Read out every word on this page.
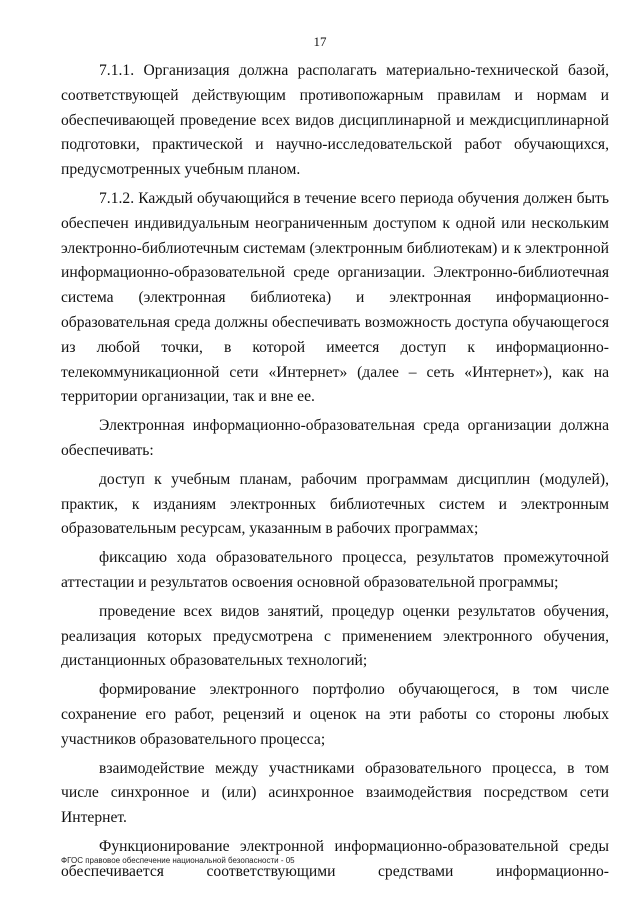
17

7.1.1. Организация должна располагать материально-технической базой, соответствующей действующим противопожарным правилам и нормам и обеспечивающей проведение всех видов дисциплинарной и междисциплинарной подготовки, практической и научно-исследовательской работ обучающихся, предусмотренных учебным планом.

7.1.2. Каждый обучающийся в течение всего периода обучения должен быть обеспечен индивидуальным неограниченным доступом к одной или нескольким электронно-библиотечным системам (электронным библиотекам) и к электронной информационно-образовательной среде организации. Электронно-библиотечная система (электронная библиотека) и электронная информационно-образовательная среда должны обеспечивать возможность доступа обучающегося из любой точки, в которой имеется доступ к информационно-телекоммуникационной сети «Интернет» (далее – сеть «Интернет»), как на территории организации, так и вне ее.

Электронная информационно-образовательная среда организации должна обеспечивать:

доступ к учебным планам, рабочим программам дисциплин (модулей), практик, к изданиям электронных библиотечных систем и электронным образовательным ресурсам, указанным в рабочих программах;

фиксацию хода образовательного процесса, результатов промежуточной аттестации и результатов освоения основной образовательной программы;

проведение всех видов занятий, процедур оценки результатов обучения, реализация которых предусмотрена с применением электронного обучения, дистанционных образовательных технологий;

формирование электронного портфолио обучающегося, в том числе сохранение его работ, рецензий и оценок на эти работы со стороны любых участников образовательного процесса;

взаимодействие между участниками образовательного процесса, в том числе синхронное и (или) асинхронное взаимодействия посредством сети Интернет.

Функционирование электронной информационно-образовательной среды обеспечивается соответствующими средствами информационно-

ФГОС правовое обеспечение национальной безопасности - 05
